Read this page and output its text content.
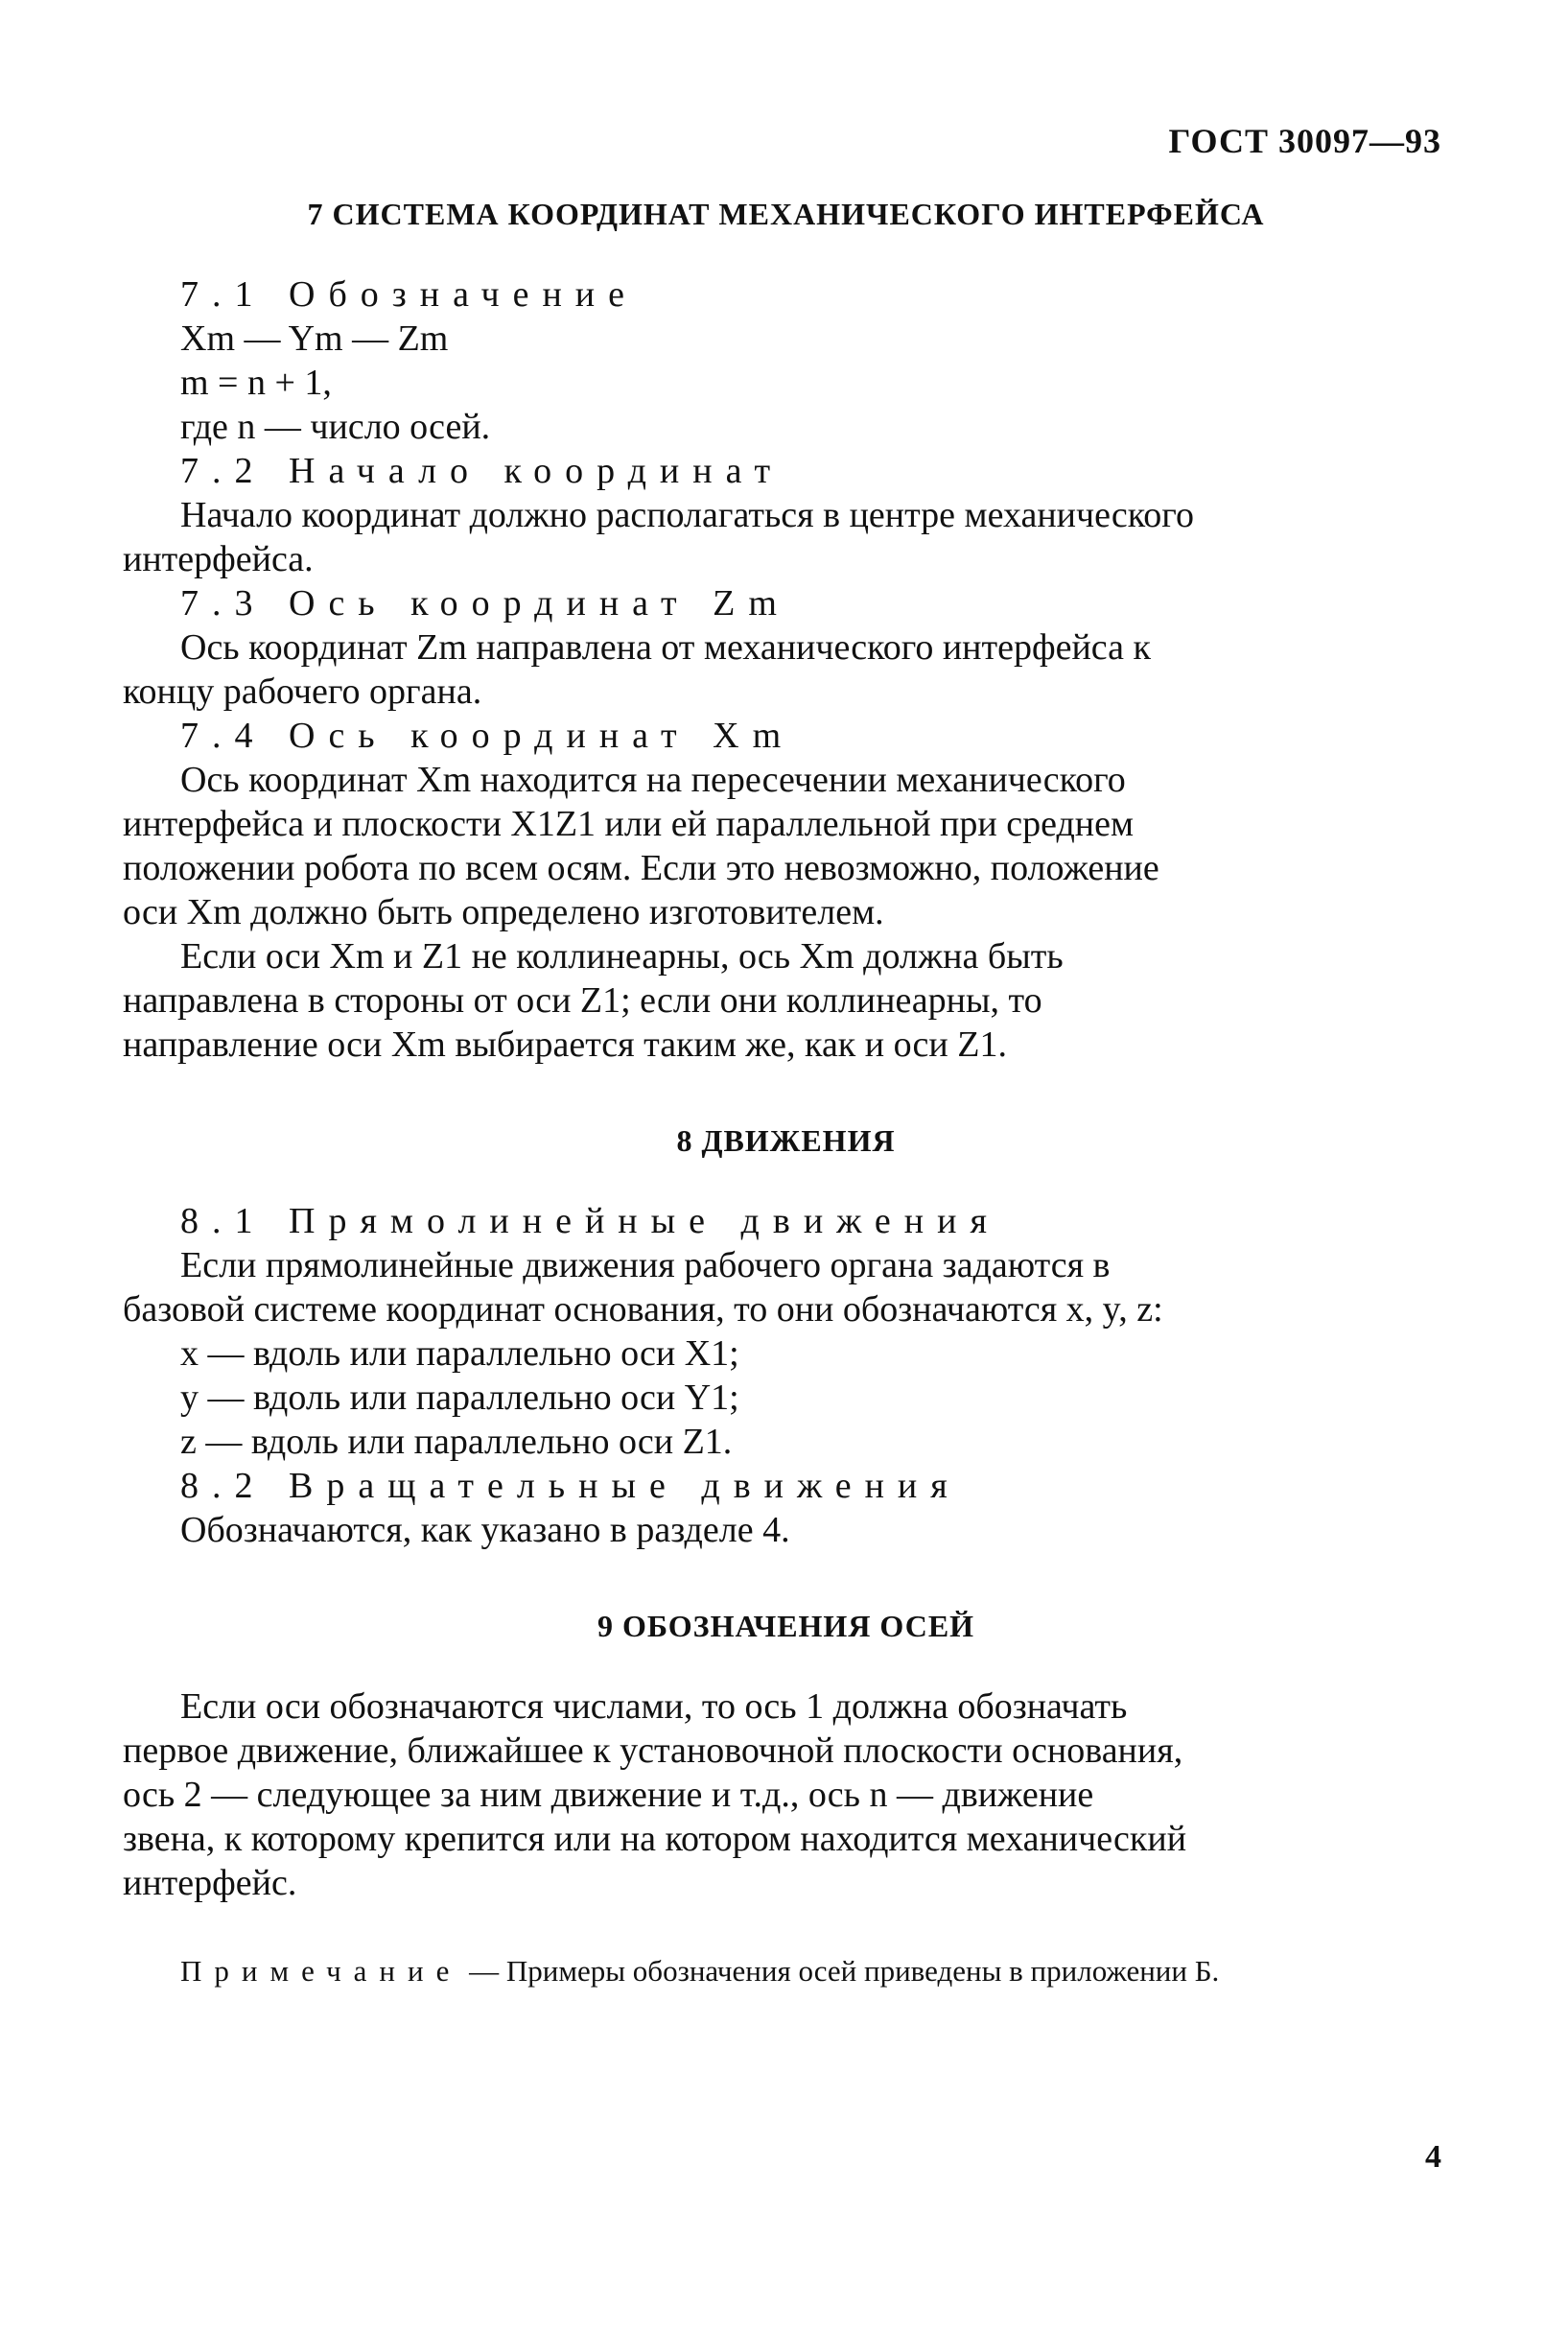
ГОСТ 30097—93
7 СИСТЕМА КООРДИНАТ МЕХАНИЧЕСКОГО ИНТЕРФЕЙСА
7.1 Обозначение
Xm — Ym — Zm
m = n + 1,
где n — число осей.
7.2 Начало координат
Начало координат должно располагаться в центре механического
интерфейса.
7.3 Ось координат Zm
Ось координат Zm направлена от механического интерфейса к
концу рабочего органа.
7.4 Ось координат Xm
Ось координат Xm находится на пересечении механического
интерфейса и плоскости X1Z1 или ей параллельной при среднем
положении робота по всем осям. Если это невозможно, положение
оси Xm должно быть определено изготовителем.
Если оси Xm и Z1 не коллинеарны, ось Xm должна быть
направлена в стороны от оси Z1; если они коллинеарны, то
направление оси Xm выбирается таким же, как и оси Z1.
8 ДВИЖЕНИЯ
8.1 Прямолинейные движения
Если прямолинейные движения рабочего органа задаются в
базовой системе координат основания, то они обозначаются x, y, z:
x — вдоль или параллельно оси X1;
y — вдоль или параллельно оси Y1;
z — вдоль или параллельно оси Z1.
8.2 Вращательные движения
Обозначаются, как указано в разделе 4.
9 ОБОЗНАЧЕНИЯ ОСЕЙ
Если оси обозначаются числами, то ось 1 должна обозначать
первое движение, ближайшее к установочной плоскости основания,
ось 2 — следующее за ним движение и т.д., ось n — движение
звена, к которому крепится или на котором находится механический
интерфейс.
Примечание — Примеры обозначения осей приведены в приложении Б.
4
